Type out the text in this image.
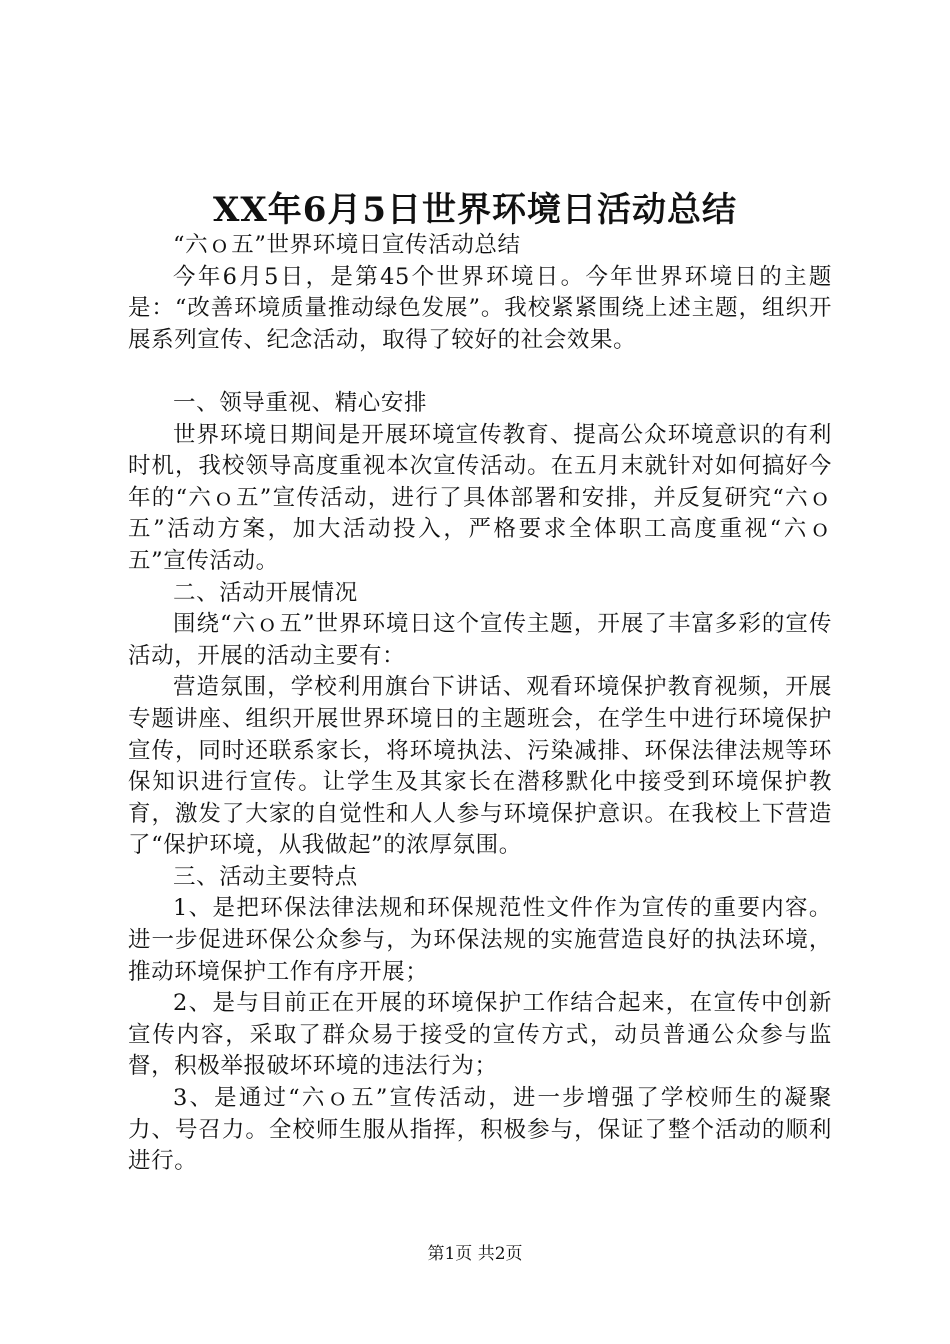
XX年6月5日世界环境日活动总结

“六ｏ五”世界环境日宣传活动总结

今年6月5日，是第45个世界环境日。今年世界环境日的主题是：“改善环境质量推动绿色发展”。我校紧紧围绕上述主题，组织开展系列宣传、纪念活动，取得了较好的社会效果。

一、领导重视、精心安排

世界环境日期间是开展环境宣传教育、提高公众环境意识的有利时机，我校领导高度重视本次宣传活动。在五月末就针对如何搞好今年的“六ｏ五”宣传活动，进行了具体部署和安排，并反复研究“六ｏ五”活动方案，加大活动投入，严格要求全体职工高度重视“六ｏ五”宣传活动。

二、活动开展情况

围绕“六ｏ五”世界环境日这个宣传主题，开展了丰富多彩的宣传活动，开展的活动主要有：

营造氛围，学校利用旗台下讲话、观看环境保护教育视频，开展专题讲座、组织开展世界环境日的主题班会，在学生中进行环境保护宣传，同时还联系家长，将环境执法、污染减排、环保法律法规等环保知识进行宣传。让学生及其家长在潜移默化中接受到环境保护教育，激发了大家的自觉性和人人参与环境保护意识。在我校上下营造了“保护环境，从我做起”的浓厚氛围。

三、活动主要特点

1、是把环保法律法规和环保规范性文件作为宣传的重要内容。进一步促进环保公众参与，为环保法规的实施营造良好的执法环境，推动环境保护工作有序开展；

2、是与目前正在开展的环境保护工作结合起来，在宣传中创新宣传内容，采取了群众易于接受的宣传方式，动员普通公众参与监督，积极举报破坏环境的违法行为；

3、是通过“六ｏ五”宣传活动，进一步增强了学校师生的凝聚力、号召力。全校师生服从指挥，积极参与，保证了整个活动的顺利进行。

第1页 共2页
